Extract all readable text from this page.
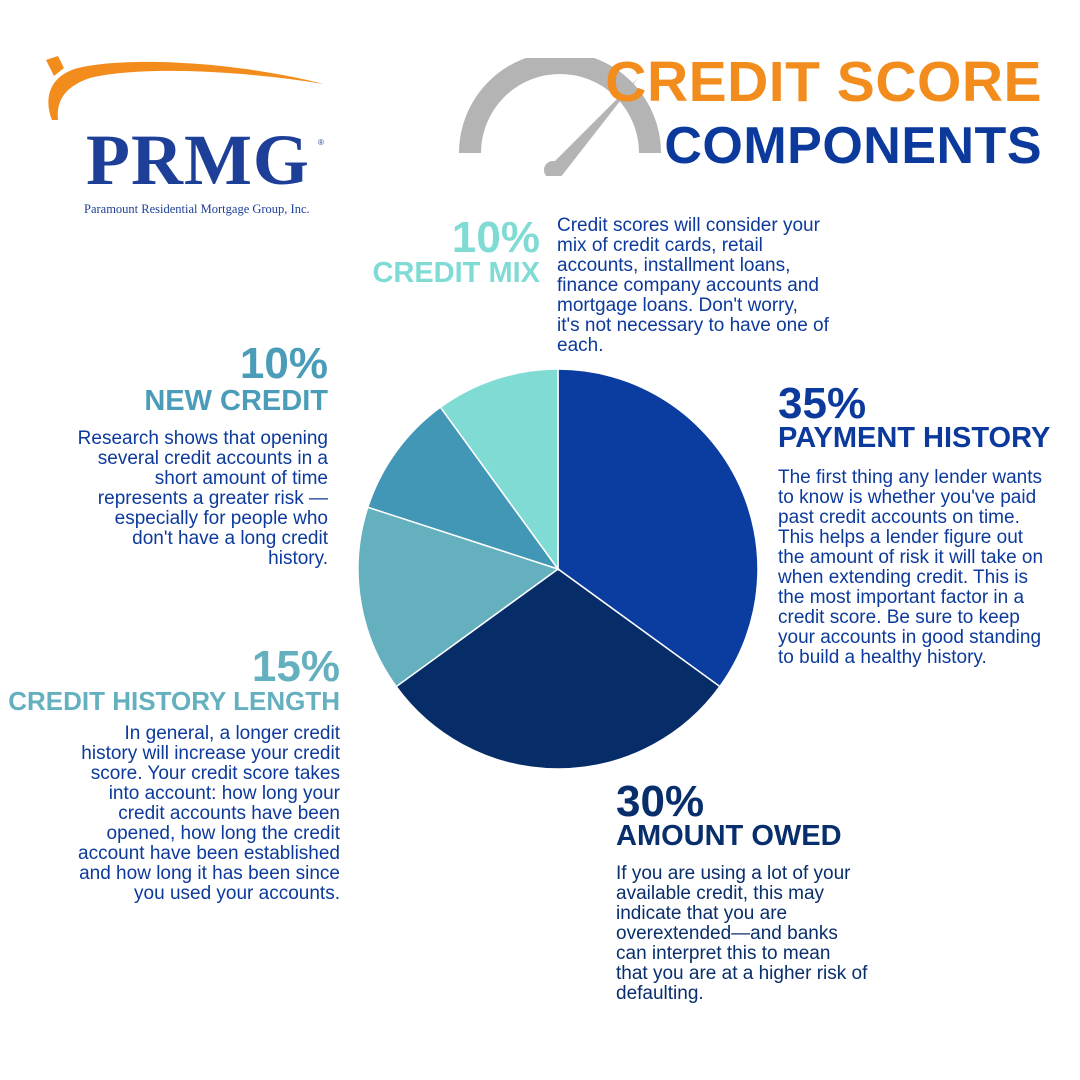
PRMG ®
Paramount Residential Mortgage Group, Inc.

CREDIT SCORE

COMPONENTS

35%

PAYMENT HISTORY

The first thing any lender wants
to know is whether you've paid
past credit accounts on time.
This helps a lender figure out
the amount of risk it will take on
when extending credit. This is
the most important factor in a
credit score. Be sure to keep
your accounts in good standing
to build a healthy history.

30%

AMOUNT OWED

If you are using a lot of your
available credit, this may
indicate that you are
overextended—and banks
can interpret this to mean
that you are at a higher risk of
defaulting.

15%

CREDIT HISTORY LENGTH

In general, a longer credit
history will increase your credit
score. Your credit score takes
into account: how long your
credit accounts have been
opened, how long the credit
account have been established
and how long it has been since
you used your accounts.

10%

NEW CREDIT

Research shows that opening
several credit accounts in a
short amount of time
represents a greater risk —
especially for people who
don't have a long credit
history.

10%

CREDIT MIX

Credit scores will consider your
mix of credit cards, retail
accounts, installment loans,
finance company accounts and
mortgage loans. Don't worry,
it's not necessary to have one of
each.
